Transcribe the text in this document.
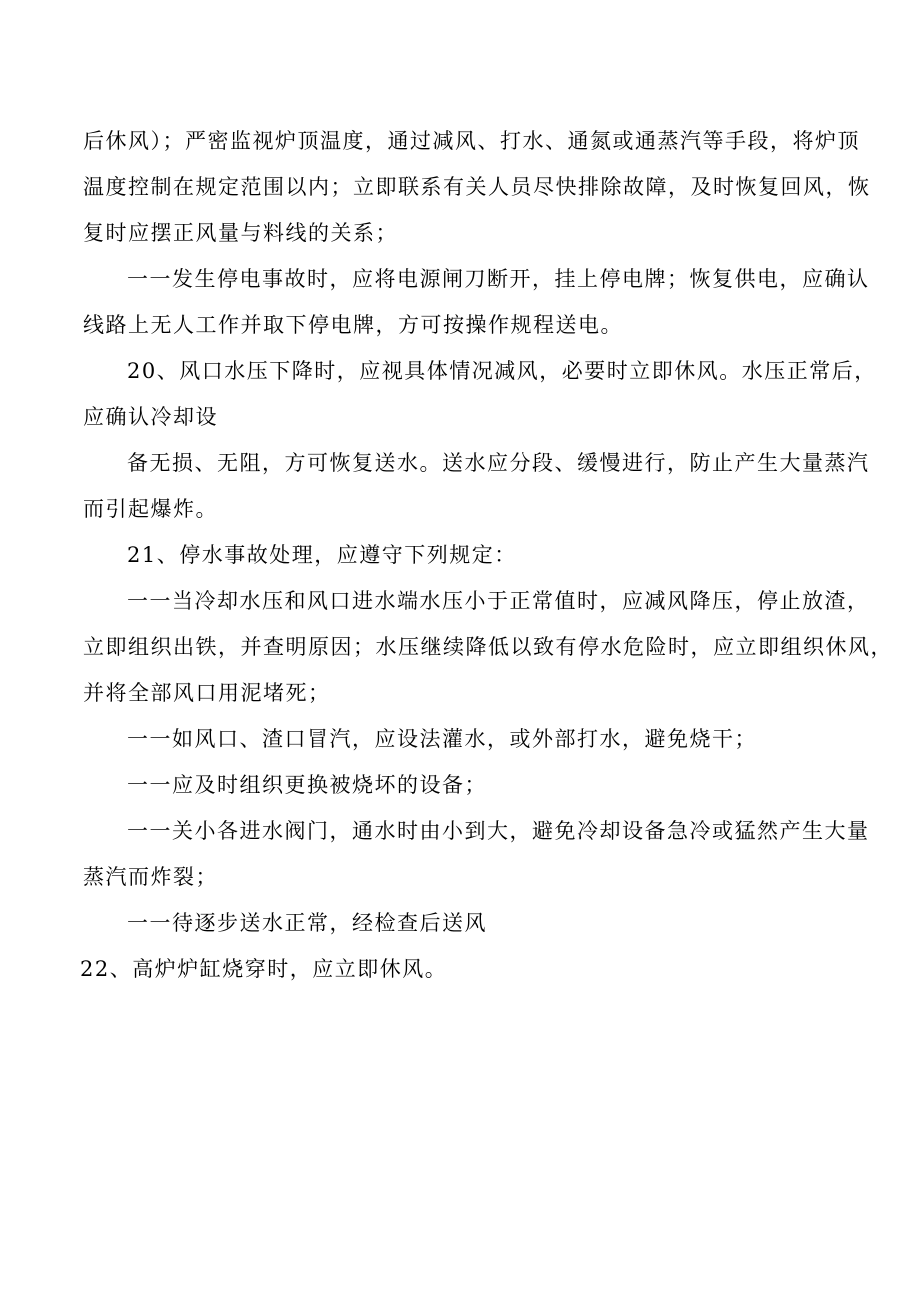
后休风）；严密监视炉顶温度，通过减风、打水、通氮或通蒸汽等手段，将炉顶
温度控制在规定范围以内；立即联系有关人员尽快排除故障，及时恢复回风，恢
复时应摆正风量与料线的关系；
一一发生停电事故时，应将电源闸刀断开，挂上停电牌；恢复供电，应确认
线路上无人工作并取下停电牌，方可按操作规程送电。
20、风口水压下降时，应视具体情况减风，必要时立即休风。水压正常后，
应确认冷却设
备无损、无阻，方可恢复送水。送水应分段、缓慢进行，防止产生大量蒸汽
而引起爆炸。
21、停水事故处理，应遵守下列规定：
一一当冷却水压和风口进水端水压小于正常值时，应减风降压，停止放渣，
立即组织出铁，并查明原因；水压继续降低以致有停水危险时，应立即组织休风，
并将全部风口用泥堵死；
一一如风口、渣口冒汽，应设法灌水，或外部打水，避免烧干；
一一应及时组织更换被烧坏的设备；
一一关小各进水阀门，通水时由小到大，避免冷却设备急冷或猛然产生大量
蒸汽而炸裂；
一一待逐步送水正常，经检查后送风
22、高炉炉缸烧穿时，应立即休风。
